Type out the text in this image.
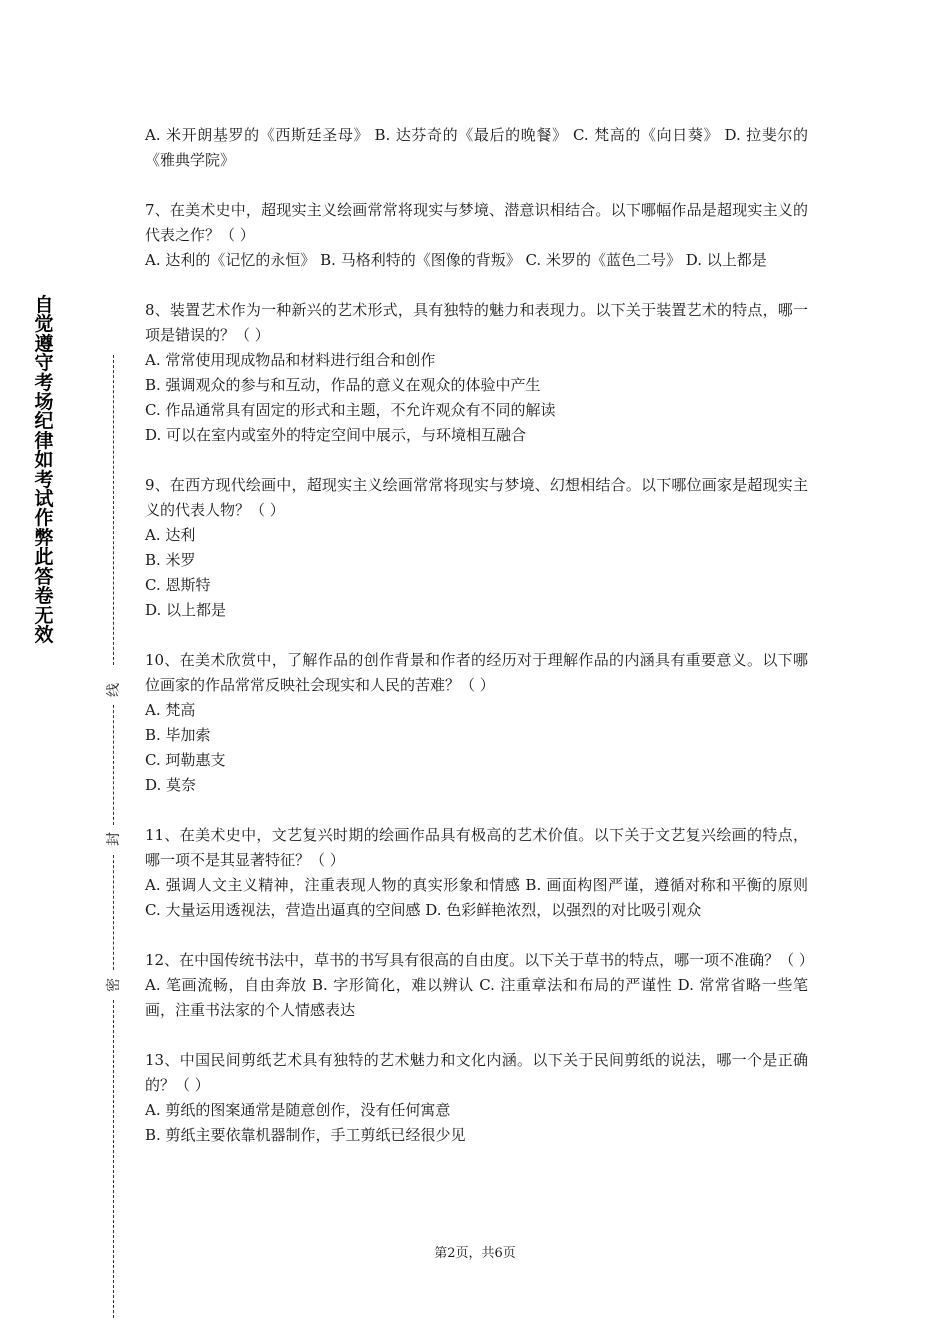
自觉遵守考场纪律如考试作弊此答卷无效
线
封
密

A. 米开朗基罗的《西斯廷圣母》 B. 达芬奇的《最后的晚餐》 C. 梵高的《向日葵》 D. 拉斐尔的《雅典学院》

7、在美术史中，超现实主义绘画常常将现实与梦境、潜意识相结合。以下哪幅作品是超现实主义的代表之作？（ ）

A. 达利的《记忆的永恒》 B. 马格利特的《图像的背叛》 C. 米罗的《蓝色二号》 D. 以上都是

8、装置艺术作为一种新兴的艺术形式，具有独特的魅力和表现力。以下关于装置艺术的特点，哪一项是错误的？（ ）

A. 常常使用现成物品和材料进行组合和创作

B. 强调观众的参与和互动，作品的意义在观众的体验中产生

C. 作品通常具有固定的形式和主题，不允许观众有不同的解读

D. 可以在室内或室外的特定空间中展示，与环境相互融合

9、在西方现代绘画中，超现实主义绘画常常将现实与梦境、幻想相结合。以下哪位画家是超现实主义的代表人物？（ ）

A. 达利

B. 米罗

C. 恩斯特

D. 以上都是

10、在美术欣赏中，了解作品的创作背景和作者的经历对于理解作品的内涵具有重要意义。以下哪位画家的作品常常反映社会现实和人民的苦难？（ ）

A. 梵高

B. 毕加索

C. 珂勒惠支

D. 莫奈

11、在美术史中，文艺复兴时期的绘画作品具有极高的艺术价值。以下关于文艺复兴绘画的特点，哪一项不是其显著特征？（ ）

A. 强调人文主义精神，注重表现人物的真实形象和情感 B. 画面构图严谨，遵循对称和平衡的原则 C. 大量运用透视法，营造出逼真的空间感 D. 色彩鲜艳浓烈，以强烈的对比吸引观众

12、在中国传统书法中，草书的书写具有很高的自由度。以下关于草书的特点，哪一项不准确？（ ）

A. 笔画流畅，自由奔放 B. 字形简化，难以辨认 C. 注重章法和布局的严谨性 D. 常常省略一些笔画，注重书法家的个人情感表达

13、中国民间剪纸艺术具有独特的艺术魅力和文化内涵。以下关于民间剪纸的说法，哪一个是正确的？（ ）

A. 剪纸的图案通常是随意创作，没有任何寓意

B. 剪纸主要依靠机器制作，手工剪纸已经很少见

第2页，共6页
